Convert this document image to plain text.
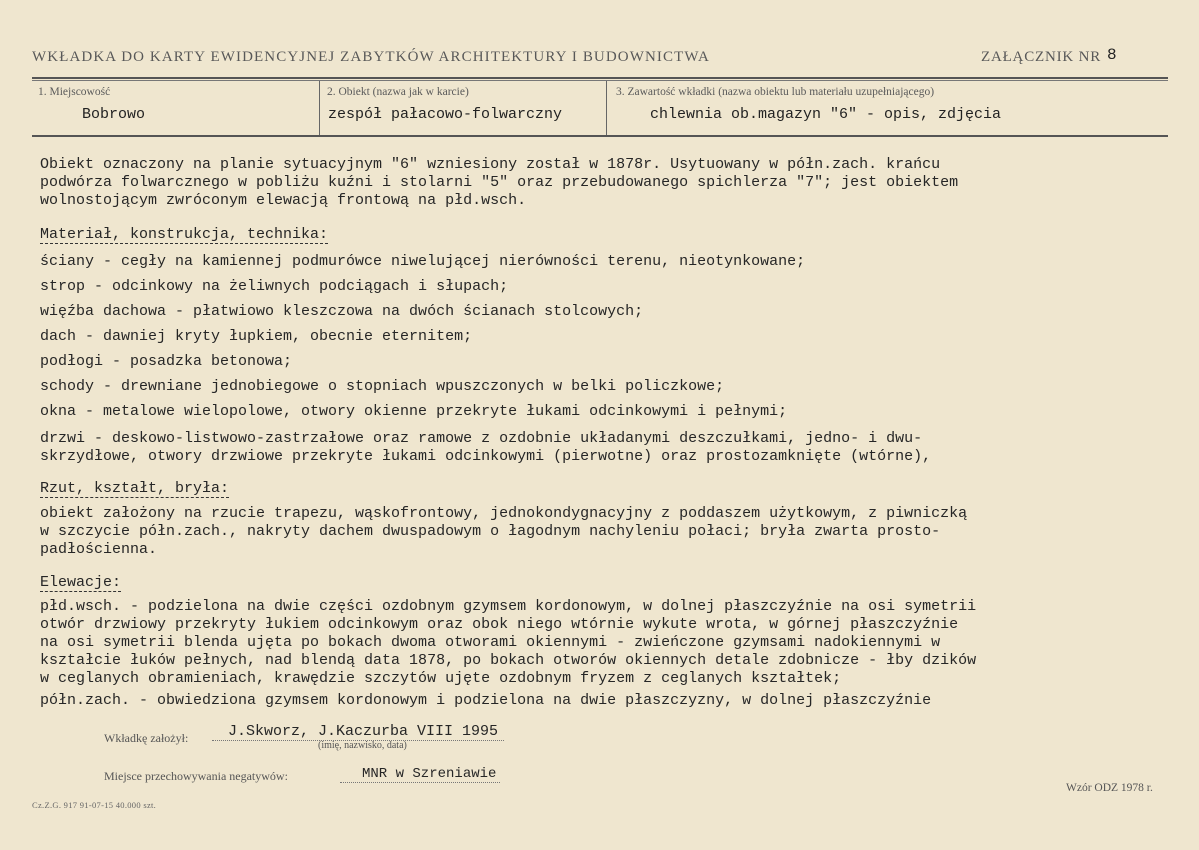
WKŁADKA DO KARTY EWIDENCYJNEJ ZABYTKÓW ARCHITEKTURY I BUDOWNICTWA	ZAŁĄCZNIK NR 8
1. Miejscowość
Bobrowo
2. Obiekt (nazwa jak w karcie)
zespół pałacowo-folwarczny
3. Zawartość wkładki (nazwa obiektu lub materiału uzupełniającego)
chlewnia ob.magazyn "6" - opis, zdjęcia
Obiekt oznaczony na planie sytuacyjnym "6" wzniesiony został w 1878r. Usytuowany w półn.zach. krańcu
podwórza folwarcznego w pobliżu kuźni i stolarni "5" oraz przebudowanego spichlerza "7"; jest obiektem
wolnostojącym zwróconym elewacją frontową na płd.wsch.
Materiał, konstrukcja, technika:
ściany - cegły na kamiennej podmurówce niwelującej nierówności terenu, nieotynkowane;
strop - odcinkowy na żeliwnych podciągach i słupach;
więźba dachowa - płatwiowo kleszczowa na dwóch ścianach stolcowych;
dach - dawniej kryty łupkiem, obecnie eternitem;
podłogi - posadzka betonowa;
schody - drewniane jednobiegowe o stopniach wpuszczonych w belki policzkowe;
okna - metalowe wielopolowe, otwory okienne przekryte łukami odcinkowymi i pełnymi;
drzwi - deskowo-listwowo-zastrzałowe oraz ramowe z ozdobnie układanymi deszczułkami, jedno- i dwu-
skrzydłowe, otwory drzwiowe przekryte łukami odcinkowymi (pierwotne) oraz prostozamknięte (wtórne),
Rzut, kształt, bryła:
obiekt założony na rzucie trapezu, wąskofrontowy, jednokondygnacyjny z poddaszem użytkowym, z piwniczką
w szczycie półn.zach., nakryty dachem dwuspadowym o łagodnym nachyleniu połaci; bryła zwarta prosto-
padłościenna.
Elewacje:
płd.wsch. - podzielona na dwie części ozdobnym gzymsem kordonowym, w dolnej płaszczyźnie na osi symetrii
otwór drzwiowy przekryty łukiem odcinkowym oraz obok niego wtórnie wykute wrota, w górnej płaszczyźnie
na osi symetrii blenda ujęta po bokach dwoma otworami okiennymi - zwieńczone gzymsami nadokiennymi w
kształcie łuków pełnych, nad blendą data 1878, po bokach otworów okiennych detale zdobnicze - łby dzików
w ceglanych obramieniach, krawędzie szczytów ujęte ozdobnym fryzem z ceglanych kształtek;
półn.zach. - obwiedziona gzymsem kordonowym i podzielona na dwie płaszczyzny, w dolnej płaszczyźnie
Wkładkę założył:	J.Skworz, J.Kaczurba VIII 1995
(imię, nazwisko, data)
Miejsce przechowywania negatywów:	MNR w Szreniawie
Wzór ODZ 1978 r.
Cz.Z.G. 917 91-07-15 40.000 szt.
